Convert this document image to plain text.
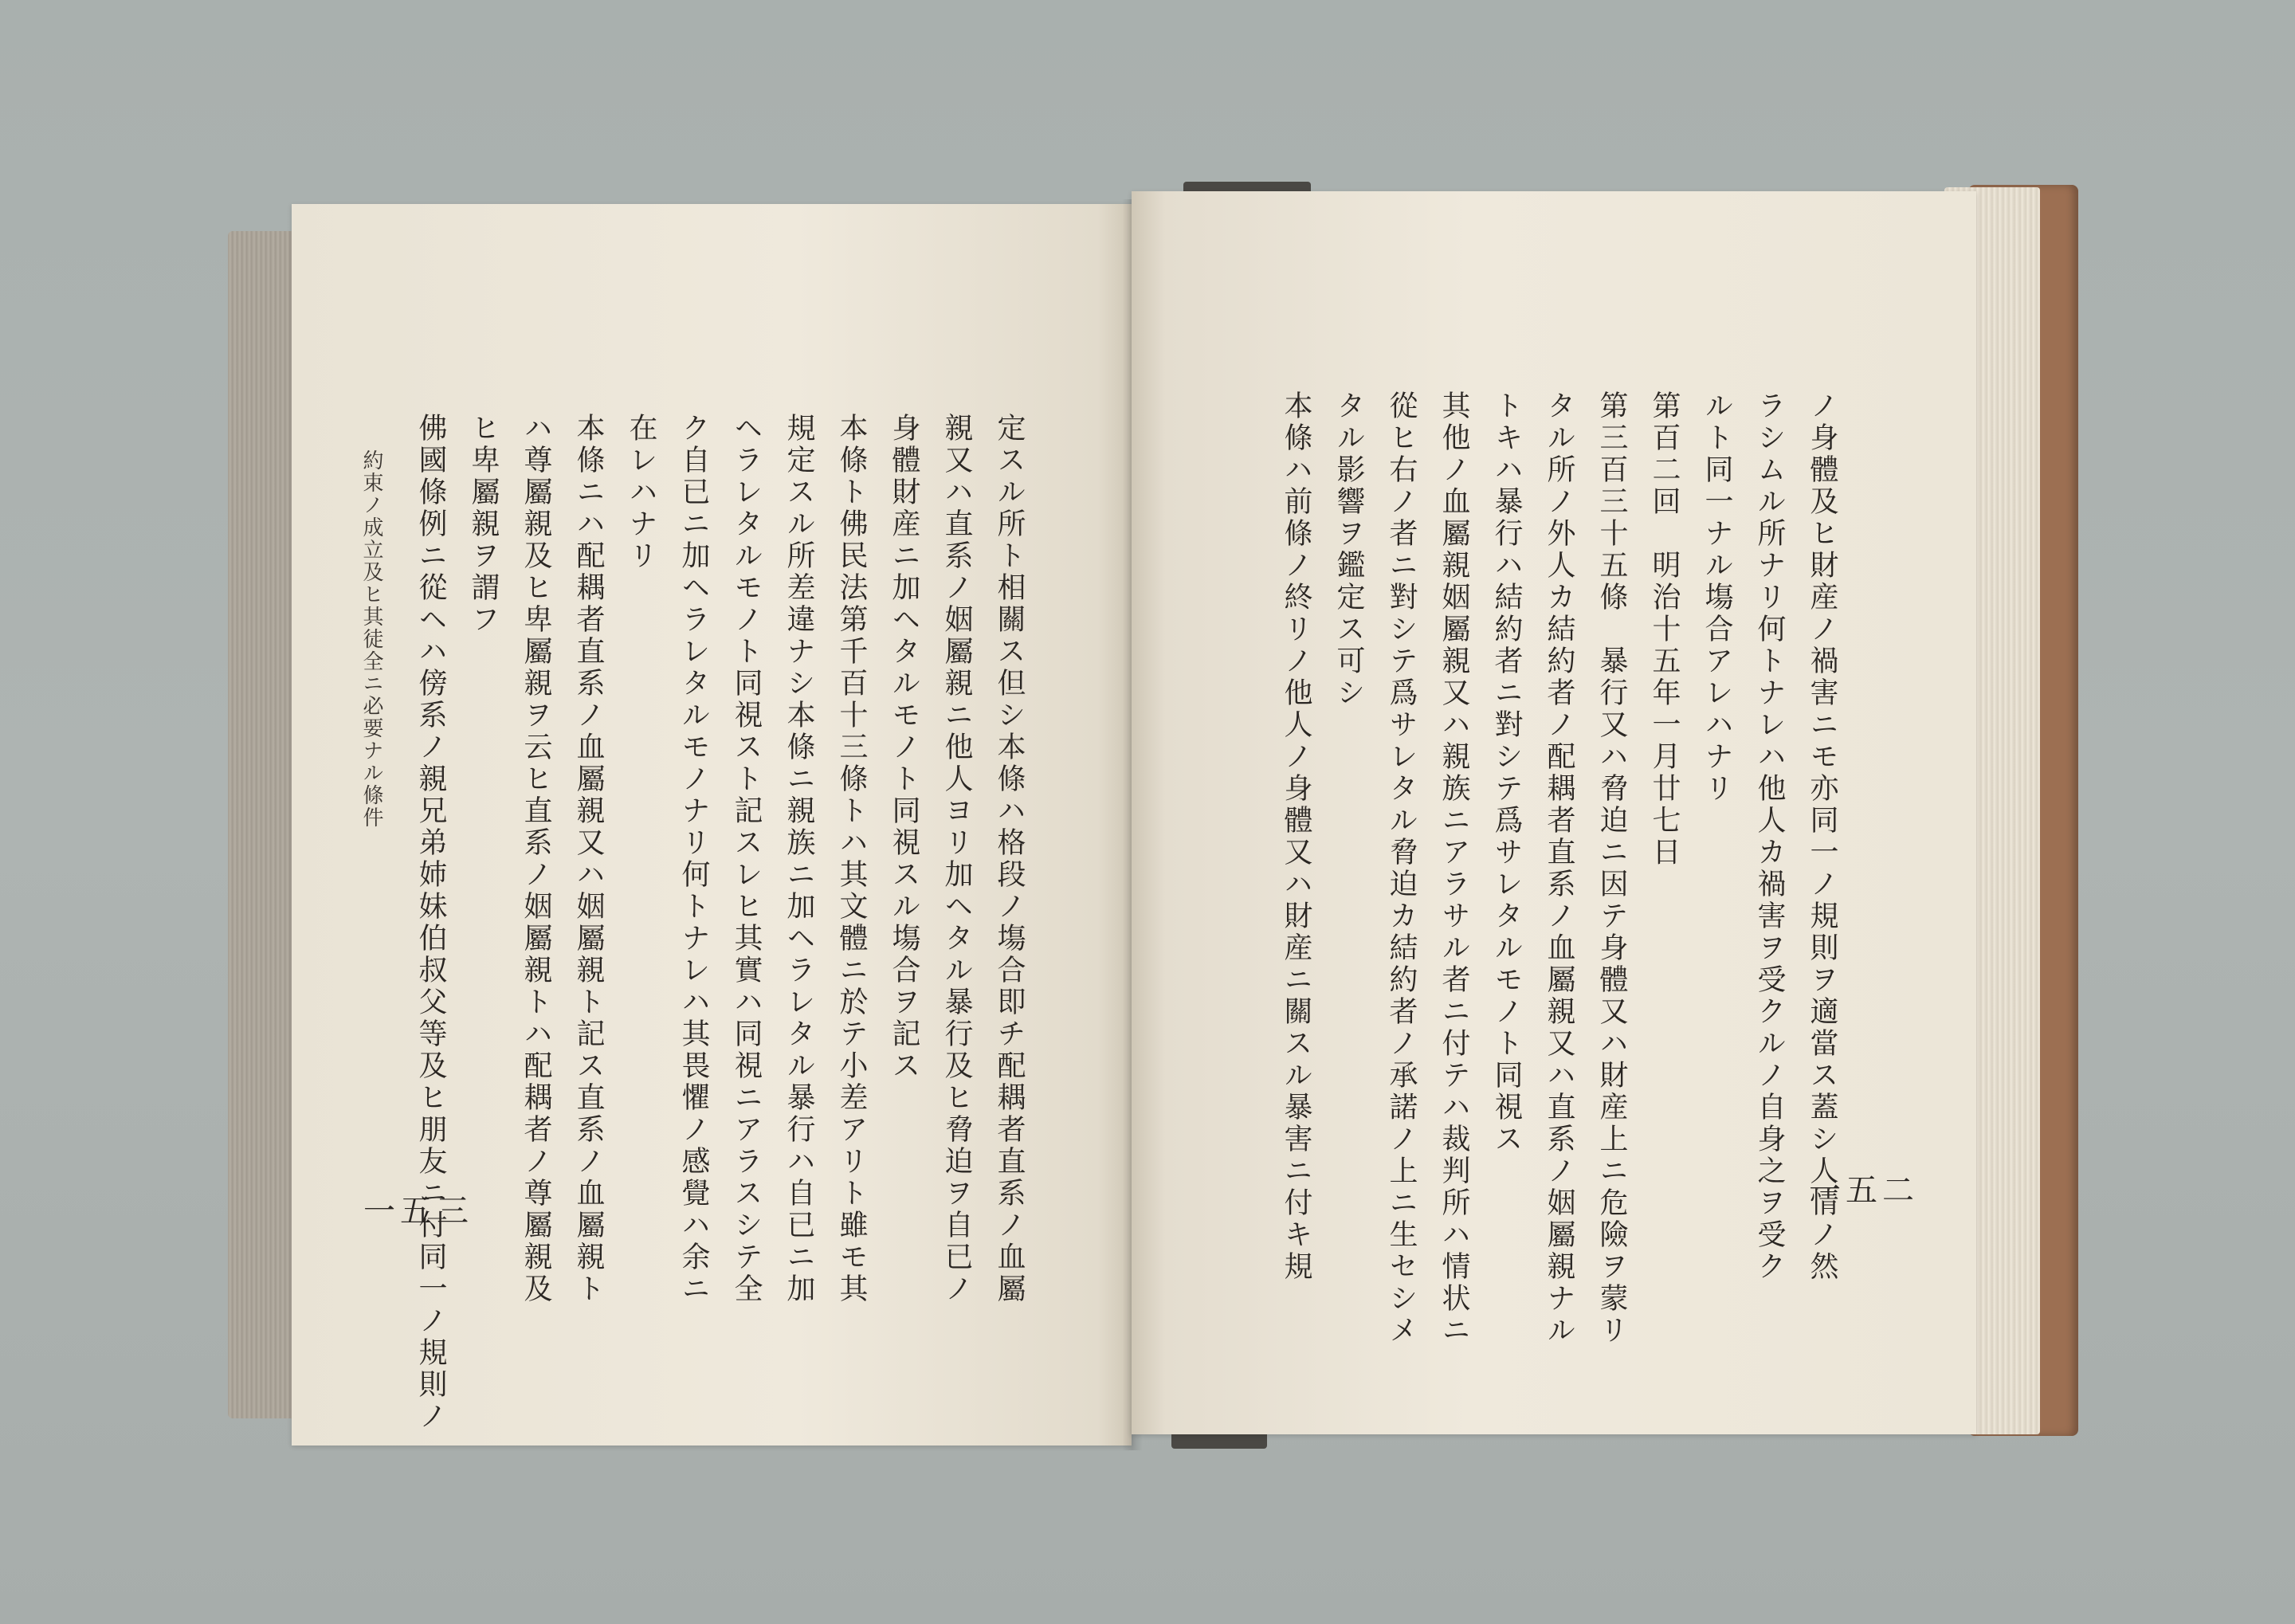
約束ノ成立及ヒ其徒全ニ必要ナル條件
一五三	定スル所ト相關ス但シ本條ハ格段ノ塲合即チ配耦者直系ノ血屬
親又ハ直系ノ姻屬親ニ他人ヨリ加ヘタル暴行及ヒ脅迫ヲ自已ノ
身體財産ニ加ヘタルモノト同視スル塲合ヲ記ス
本條ト佛民法第千百十三條トハ其文體ニ於テ小差アリト雖モ其
規定スル所差違ナシ本條ニ親族ニ加ヘラレタル暴行ハ自已ニ加
ヘラレタルモノト同視スト記スレヒ其實ハ同視ニアラスシテ全
ク自已ニ加ヘラレタルモノナリ何トナレハ其畏懼ノ感覺ハ余ニ
在レハナリ
本條ニハ配耦者直系ノ血屬親又ハ姻屬親ト記ス直系ノ血屬親ト
ハ尊屬親及ヒ卑屬親ヲ云ヒ直系ノ姻屬親トハ配耦者ノ尊屬親及
ヒ卑屬親ヲ謂フ
佛國條例ニ從ヘハ傍系ノ親兄弟姉妹伯叔父等及ヒ朋友ニ付同一ノ規則ノ	ノ身體及ヒ財産ノ禍害ニモ亦同一ノ規則ヲ適當ス蓋シ人情ノ然
ラシムル所ナリ何トナレハ他人カ禍害ヲ受クルノ自身之ヲ受ク
ルト同一ナル塲合アレハナリ
第百二回　明治十五年一月廿七日
第三百三十五條　暴行又ハ脅迫ニ因テ身體又ハ財産上ニ危險ヲ蒙リ
タル所ノ外人カ結約者ノ配耦者直系ノ血屬親又ハ直系ノ姻屬親ナル
トキハ暴行ハ結約者ニ對シテ爲サレタルモノト同視ス
其他ノ血屬親姻屬親又ハ親族ニアラサル者ニ付テハ裁判所ハ情状ニ
從ヒ右ノ者ニ對シテ爲サレタル脅迫カ結約者ノ承諾ノ上ニ生セシメ
タル影響ヲ鑑定ス可シ
本條ハ前條ノ終リノ他人ノ身體又ハ財産ニ關スル暴害ニ付キ規	一五二
